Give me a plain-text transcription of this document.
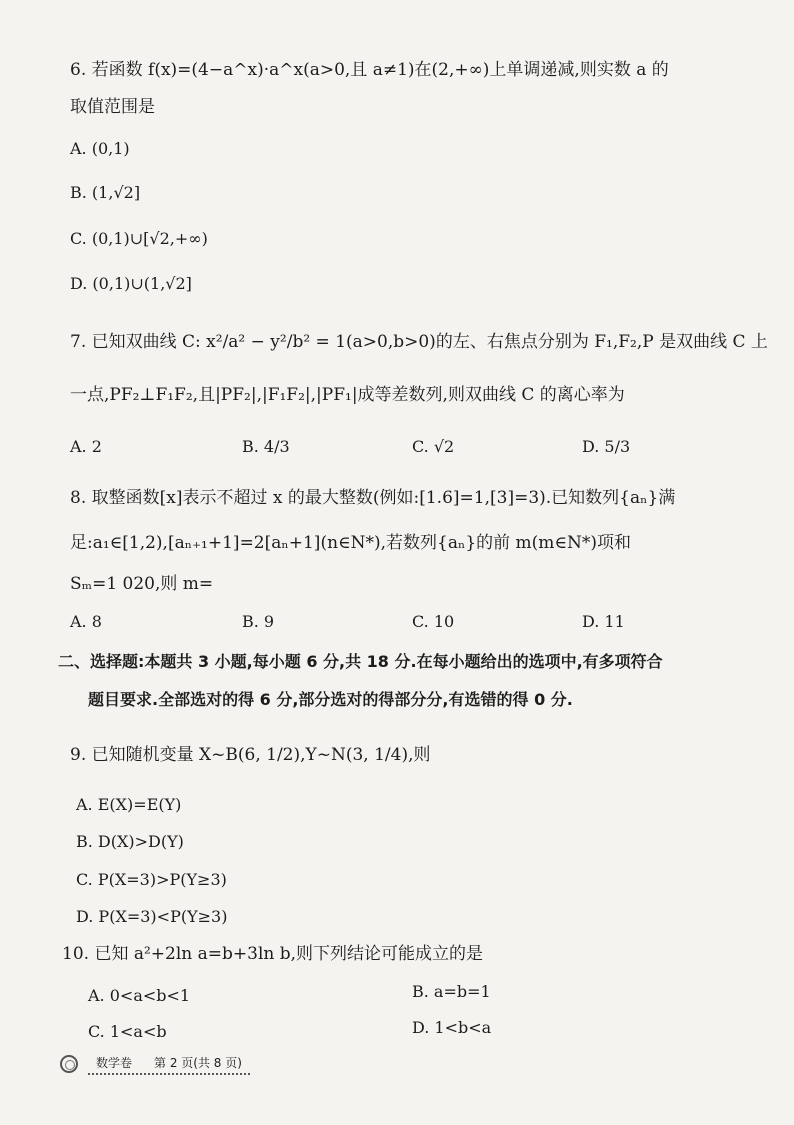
6. 若函数 f(x)=(4−a^x)·a^x(a>0,且 a≠1)在(2,+∞)上单调递减,则实数 a 的
取值范围是
A. (0,1)
B. (1,√2]
C. (0,1)∪[√2,+∞)
D. (0,1)∪(1,√2]
7. 已知双曲线 C: x²/a² − y²/b² = 1(a>0,b>0)的左、右焦点分别为 F₁,F₂,P 是双曲线 C 上
一点,PF₂⊥F₁F₂,且|PF₂|,|F₁F₂|,|PF₁|成等差数列,则双曲线 C 的离心率为
A. 2	B. 4/3	C. √2	D. 5/3
8. 取整函数[x]表示不超过 x 的最大整数(例如:[1.6]=1,[3]=3).已知数列{aₙ}满
足:a₁∈[1,2),[aₙ₊₁+1]=2[aₙ+1](n∈N*),若数列{aₙ}的前 m(m∈N*)项和
Sₘ=1 020,则 m=
A. 8	B. 9	C. 10	D. 11
二、选择题:本题共 3 小题,每小题 6 分,共 18 分.在每小题给出的选项中,有多项符合
题目要求.全部选对的得 6 分,部分选对的得部分分,有选错的得 0 分.
9. 已知随机变量 X~B(6, 1/2),Y~N(3, 1/4),则
A. E(X)=E(Y)
B. D(X)>D(Y)
C. P(X=3)>P(Y≥3)
D. P(X=3)<P(Y≥3)
10. 已知 a²+2ln a=b+3ln b,则下列结论可能成立的是
A. 0<a<b<1	B. a=b=1
C. 1<a<b	D. 1<b<a
数学卷 第 2 页(共 8 页)
